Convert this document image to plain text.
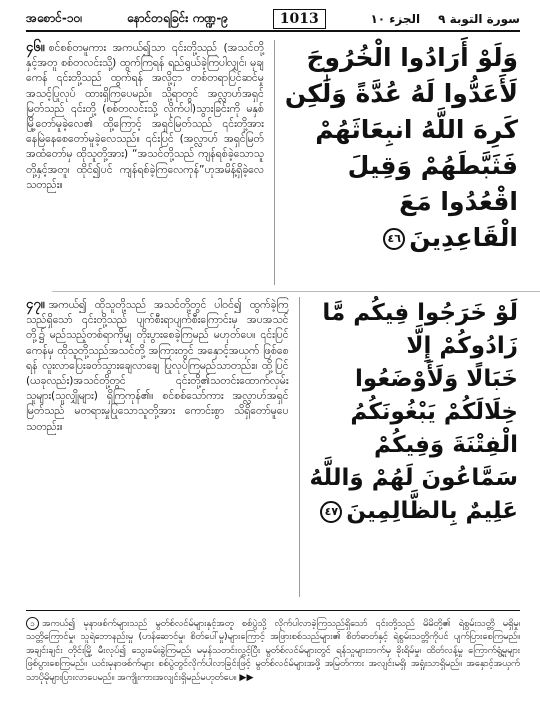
အစောင်-၁၀၊	နောင်တရခြင်း ကဏ္ဍ-၉	1013	سورة التوبة ٩
الجزء ١٠

၄၆။ စင်စစ်တမူကား အကယ်၍သာ ၎င်းတို့သည် (အသင်တို့နှင့်အတူ စစ်တလင်းသို့) ထွက်ကြရန် ရည်ရွယ်ခဲ့ကြပါလျှင်၊ မုချကေန် ၎င်းတို့သည် ထွက်ရန် အလို့ငှာ တစ်တရာပြင်ဆင်မှု အသင့်ပြုလုပ် ထားရှိကြပေမည်။ သို့ရာတွင် အလ္လာဟ်အရှင်မြတ်သည် ၎င်းတို့ (စစ်တလင်းသို့ လိုက်ပါ)သွားခြင်းကို မနှစ်မြို့တော်မူခဲ့လေ၏ ထို့ကြောင့် အရှင်မြတ်သည် ၎င်းတို့အား နေမြဲနေစေတော်မူခဲ့လေသည်။ ၎င်းပြင် (အလ္လာဟ် အရှင်မြတ်အထံတော်မှ ထိုသူတို့အား) “အသင်တို့သည် ကျန်ရစ်ခဲ့သောသူတို့နှင့်အတူ၊ ထိုင်၍ပင် ကျန်ရစ်ခဲ့ကြလေကုန်”ဟုအမိန့်ရှိခဲ့လေသတည်း။

وَلَوْ أَرَادُوا الْخُرُوجَ
لَأَعَدُّوا لَهُ عُدَّةً وَلَٰكِن
كَرِهَ اللَّهُ انبِعَاثَهُمْ
فَثَبَّطَهُمْ وَقِيلَ
اقْعُدُوا مَعَ
الْقَاعِدِينَ٤٦

၄၇။ အကယ်၍ ထိုသူတို့သည် အသင်တို့တွင် ပါဝင်၍ ထွက်ခဲ့ကြသည်ရှိသော် ၎င်းတို့သည် ပျက်စီးရာပျက်စီးကြောင်းမှ အပအသင်တို့၌ မည်သည့်တစ်ရာကိုမျှ တိုးပွားစေခဲ့ကြမည် မဟုတ်ပေ။ ၎င်းပြင်ကေန်မှ ထိုသူတို့သည်အသင်တို့ အကြားတွင် အနှောင့်အယှက် ဖြစ်စေရန် လူးလာပြေးခတ်သွားချေလာချေ ပြုလုပ်ကြမည်သာတည်း။ ထို့ပြင် (ယခုလည်း)အသင်တို့တွင် ၎င်းတို့၏သတင်းထောက်လှမ်းသူများ(သူလျှိုများ) ရှိကြကုန်၏။ စင်စစ်သော်ကား အလ္လာဟ်အရှင်မြတ်သည် မတရားမှုပြုသောသူတို့အား ကောင်းစွာ သိရှိတော်မူပေသတည်း။

لَوْ خَرَجُوا فِيكُم مَّا
زَادُوكُمْ إِلَّا
خَبَالًا وَلَأَوْضَعُوا
خِلَالَكُمْ يَبْغُونَكُمُ
الْفِتْنَةَ وَفِيكُمْ
سَمَّاعُونَ لَهُمْ وَاللَّهُ
عَلِيمٌ بِالظَّالِمِينَ٤٧
၁ အကယ်၍ မုနာဖစ်က်များသည် မွတ်စ်လင်မ်များနှင့်အတူ စစ်ပွဲသို့ လိုက်ပါလာခဲ့ကြသည်ရှိသော် ၎င်းတို့သည် မိမိတို့၏ ရဲစွမ်းသတ္တိ မရှိမှု၊ သတ္တိကြောင်မှု၊ သူရဲဘောနည်းမှု (ဟန်ဆောင်မှု၊ စိတ်ပေါ်မှု)များကြောင့် အဖြားစစ်သည်များ၏ စိတ်ဓာတ်နှင့် ရဲစွမ်းသတ္တိကိုပင် ပျက်ပြားစေကြမည်။ အချင်းချင်း တိုင်းမြို့ မီးလုပ်၍ သွေးခမ်းခွဲကြမည်၊ မမှန်သတင်းလွှင့်ပြီး မွတ်စ်လင်မ်များတွင် ရန်သူများဘက်မှ ခိုးရိမ်မှု၊ ထိတ်လန့်မှု ကြောက်ရွံ့မှုများဖြစ်ပွားစေကြမည်။ ယင်းမုနာဖစ်က်များ စစ်ပွဲတွင်လိုက်ပါလာခြင်းဖြင့် မွတ်စ်လင်မ်များအဖို့ အမြတ်ကား အလျင်းမရှိ၊ အရှုံးသာရှိမည်။ အနှောင့်အယှက်သာပိုမိုများပြားလာပေမည်။ အကျိုးကားအလျင်းရှိမည်မဟုတ်ပေ။ ▶▶
